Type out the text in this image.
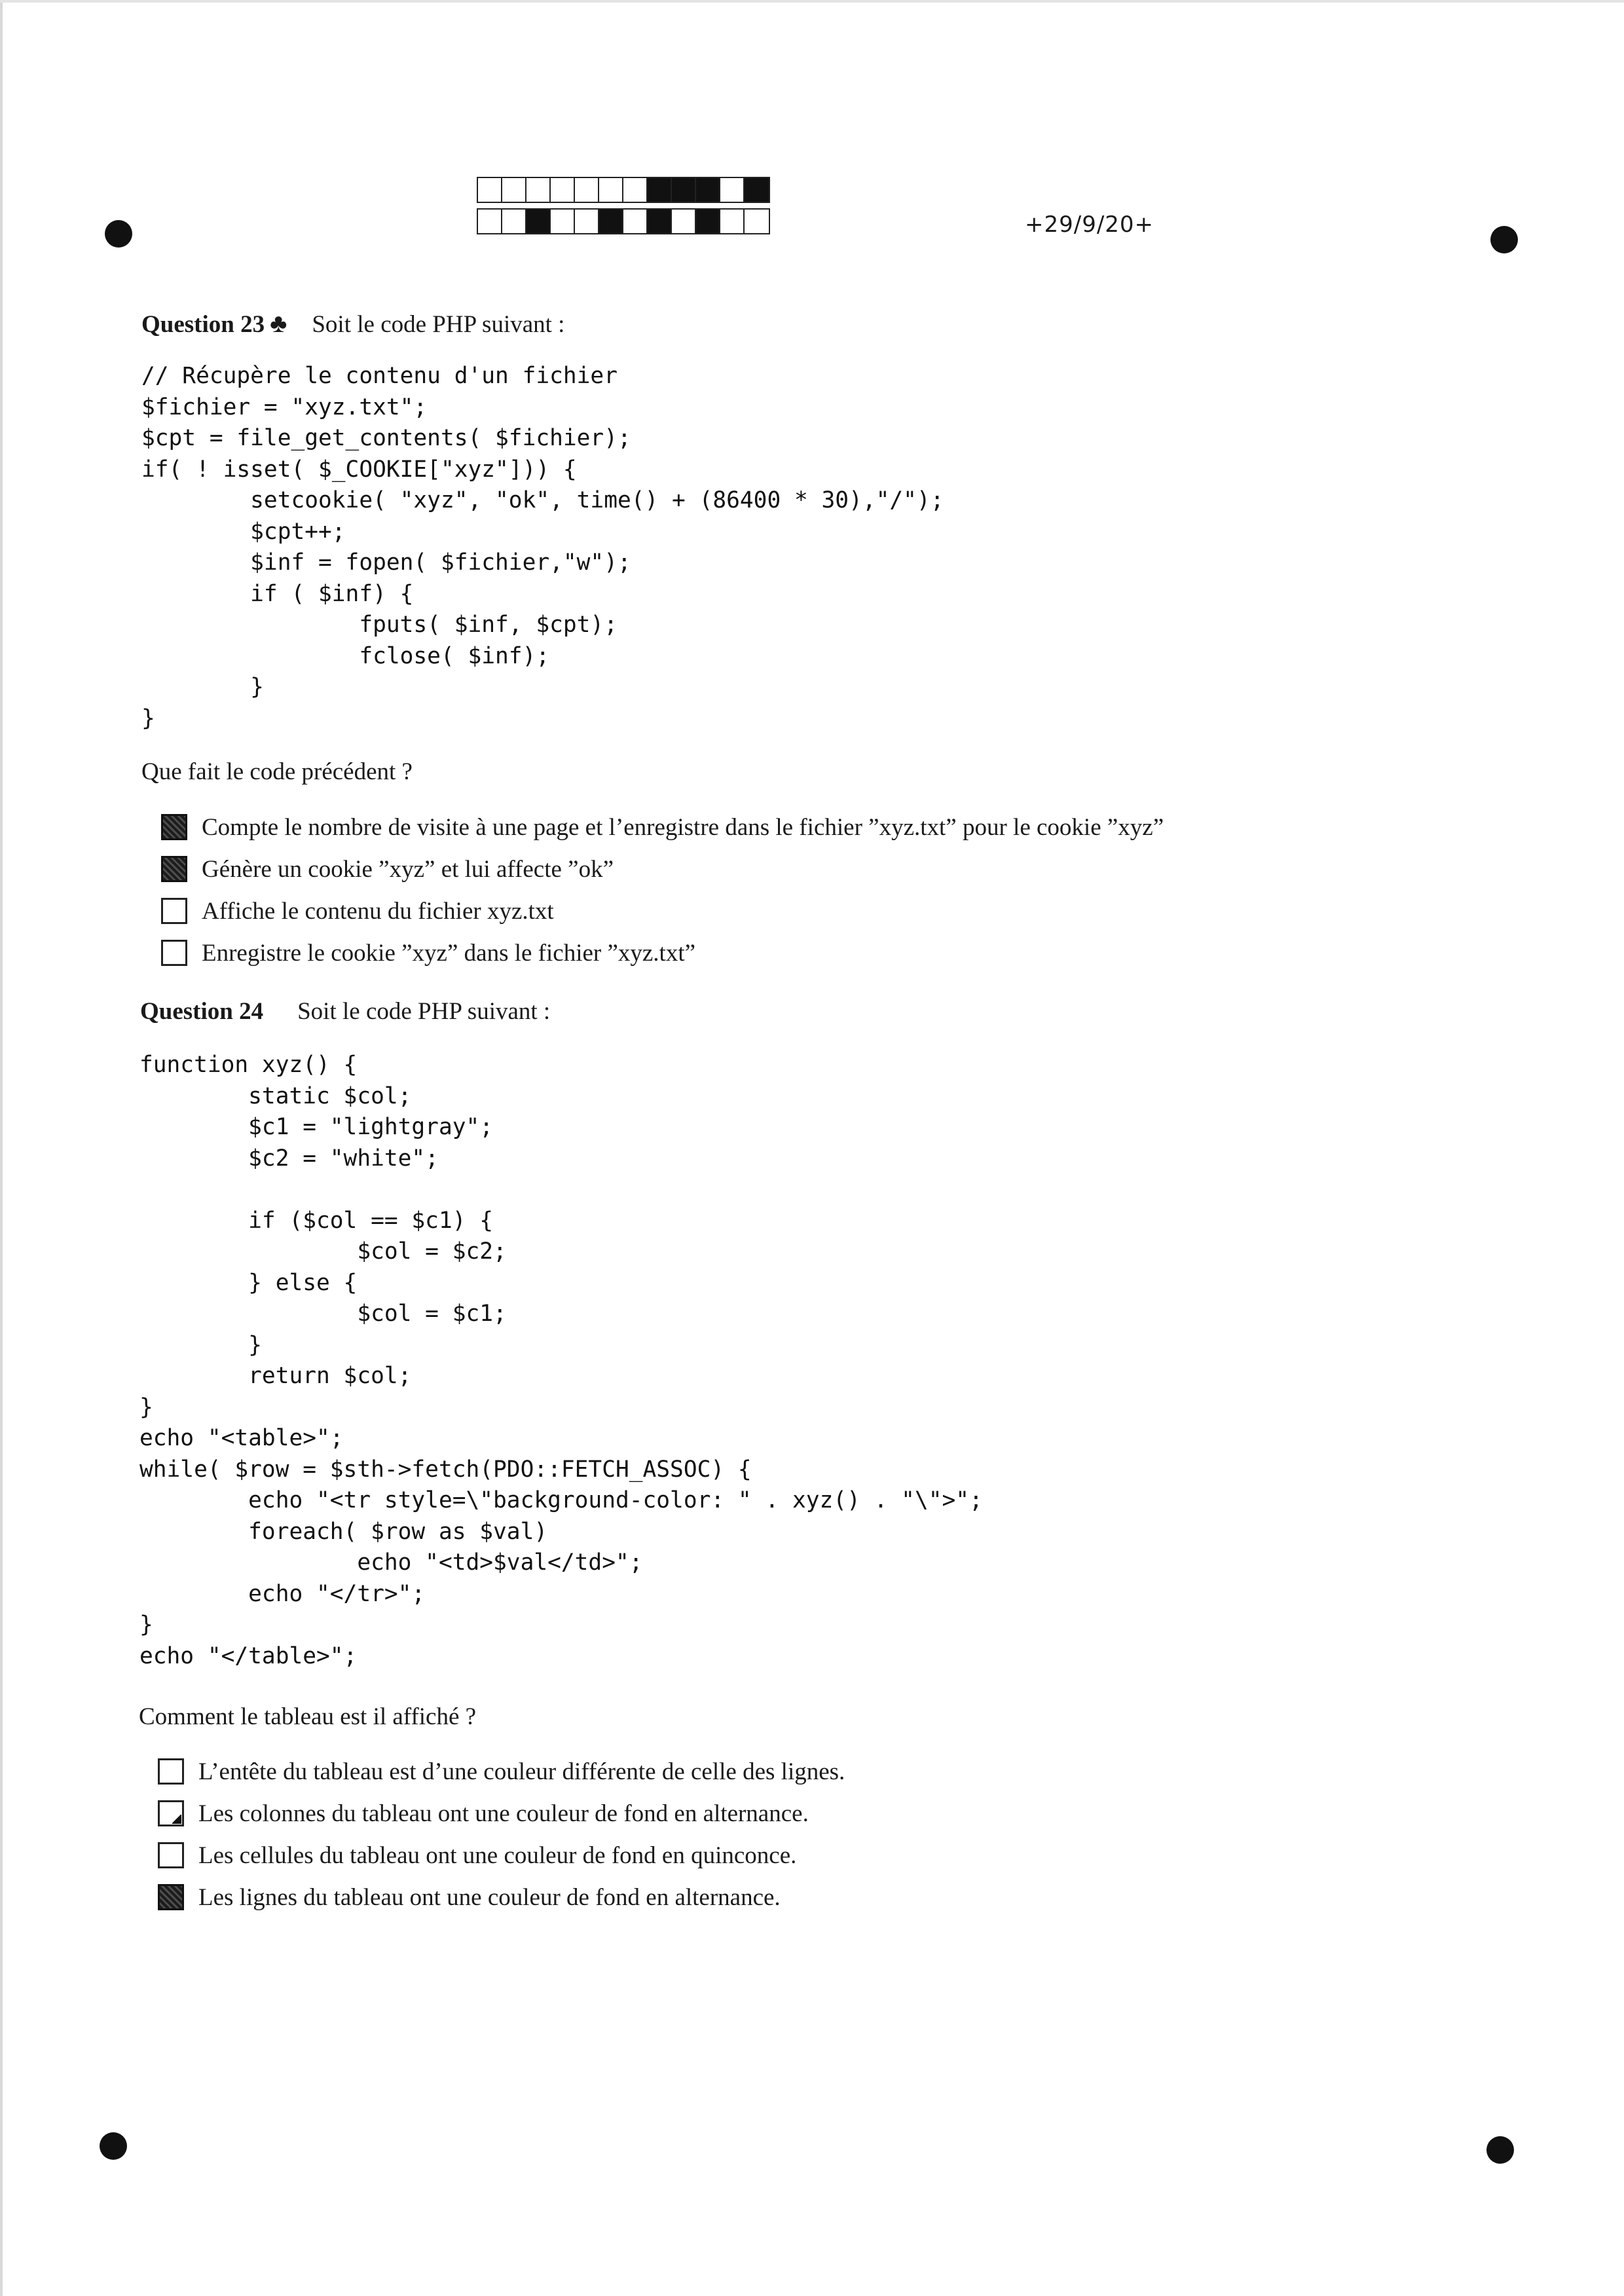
+29/9/20+
Question 23 ♣ Soit le code PHP suivant :
// Récupère le contenu d'un fichier
$fichier = "xyz.txt";
$cpt = file_get_contents( $fichier);
if( ! isset( $_COOKIE["xyz"])) {
setcookie( "xyz", "ok", time() + (86400 * 30),"/");
$cpt++;
$inf = fopen( $fichier,"w");
if ( $inf) {
fputs( $inf, $cpt);
fclose( $inf);
}
}
Que fait le code précédent ?
Compte le nombre de visite à une page et l’enregistre dans le fichier ”xyz.txt” pour le cookie ”xyz”
Génère un cookie ”xyz” et lui affecte ”ok”
Affiche le contenu du fichier xyz.txt
Enregistre le cookie ”xyz” dans le fichier ”xyz.txt”
Question 24 Soit le code PHP suivant :
function xyz() {
static $col;
$c1 = "lightgray";
$c2 = "white";

if ($col == $c1) {
$col = $c2;
} else {
$col = $c1;
}
return $col;
}
echo "<table>";
while( $row = $sth->fetch(PDO::FETCH_ASSOC) {
echo "<tr style=\"background-color: " . xyz() . "\">";
foreach( $row as $val)
echo "<td>$val</td>";
echo "</tr>";
}
echo "</table>";
Comment le tableau est il affiché ?
L’entête du tableau est d’une couleur différente de celle des lignes.
Les colonnes du tableau ont une couleur de fond en alternance.
Les cellules du tableau ont une couleur de fond en quinconce.
Les lignes du tableau ont une couleur de fond en alternance.
